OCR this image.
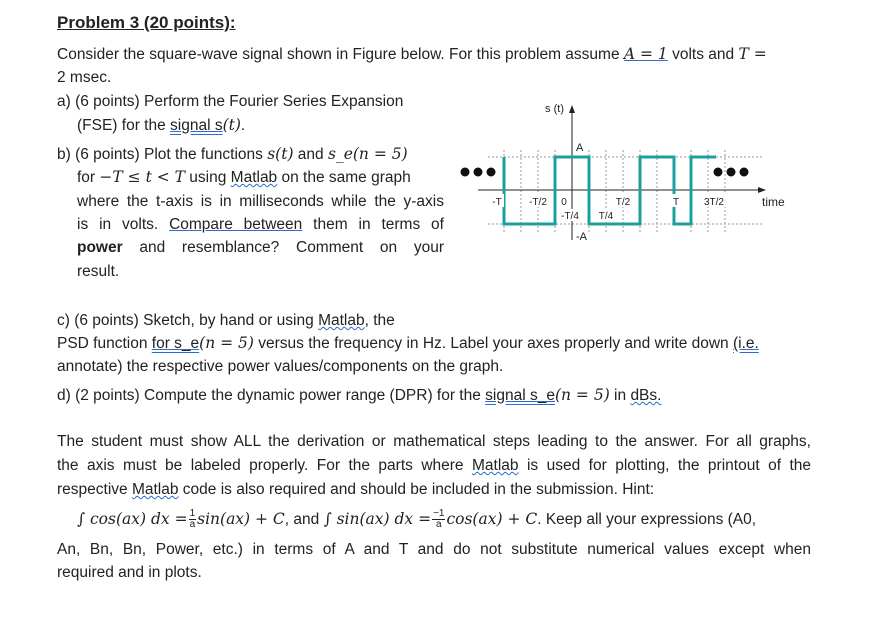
Problem 3 (20 points):
Consider the square-wave signal shown in Figure below. For this problem assume A = 1 volts and T =
2 msec.
a) (6 points) Perform the Fourier Series Expansion
(FSE) for the signal s(t).
b) (6 points) Plot the functions s(t) and s_e(n = 5)
for −T ≤ t < T using Matlab on the same graph
where the t-axis is in milliseconds while the y-axis
is in volts. Compare between them in terms of
power and resemblance? Comment on your
result.
s (t)
A
-A
time
-T	-T/2 0	T/2	T 3T/2
-T/4 T/4
c) (6 points) Sketch, by hand or using Matlab, the
PSD function for s_e(n = 5) versus the frequency in Hz. Label your axes properly and write down (i.e.
annotate) the respective power values/components on the graph.
d) (2 points) Compute the dynamic power range (DPR) for the signal s_e(n = 5) in dBs.
The student must show ALL the derivation or mathematical steps leading to the answer. For all graphs,
the axis must be labeled properly. For the parts where Matlab is used for plotting, the printout of the
respective Matlab code is also required and should be included in the submission. Hint:
∫ cos(ax) dx = $\frac{1}{a} \sin(ax) + C$, and ∫ sin(ax) dx = $\frac{-1}{a} \cos(ax) + C$. Keep all your expressions (A0,
An, Bn, Bn, Power, etc.) in terms of A and T and do not substitute numerical values except when
required and in plots.
